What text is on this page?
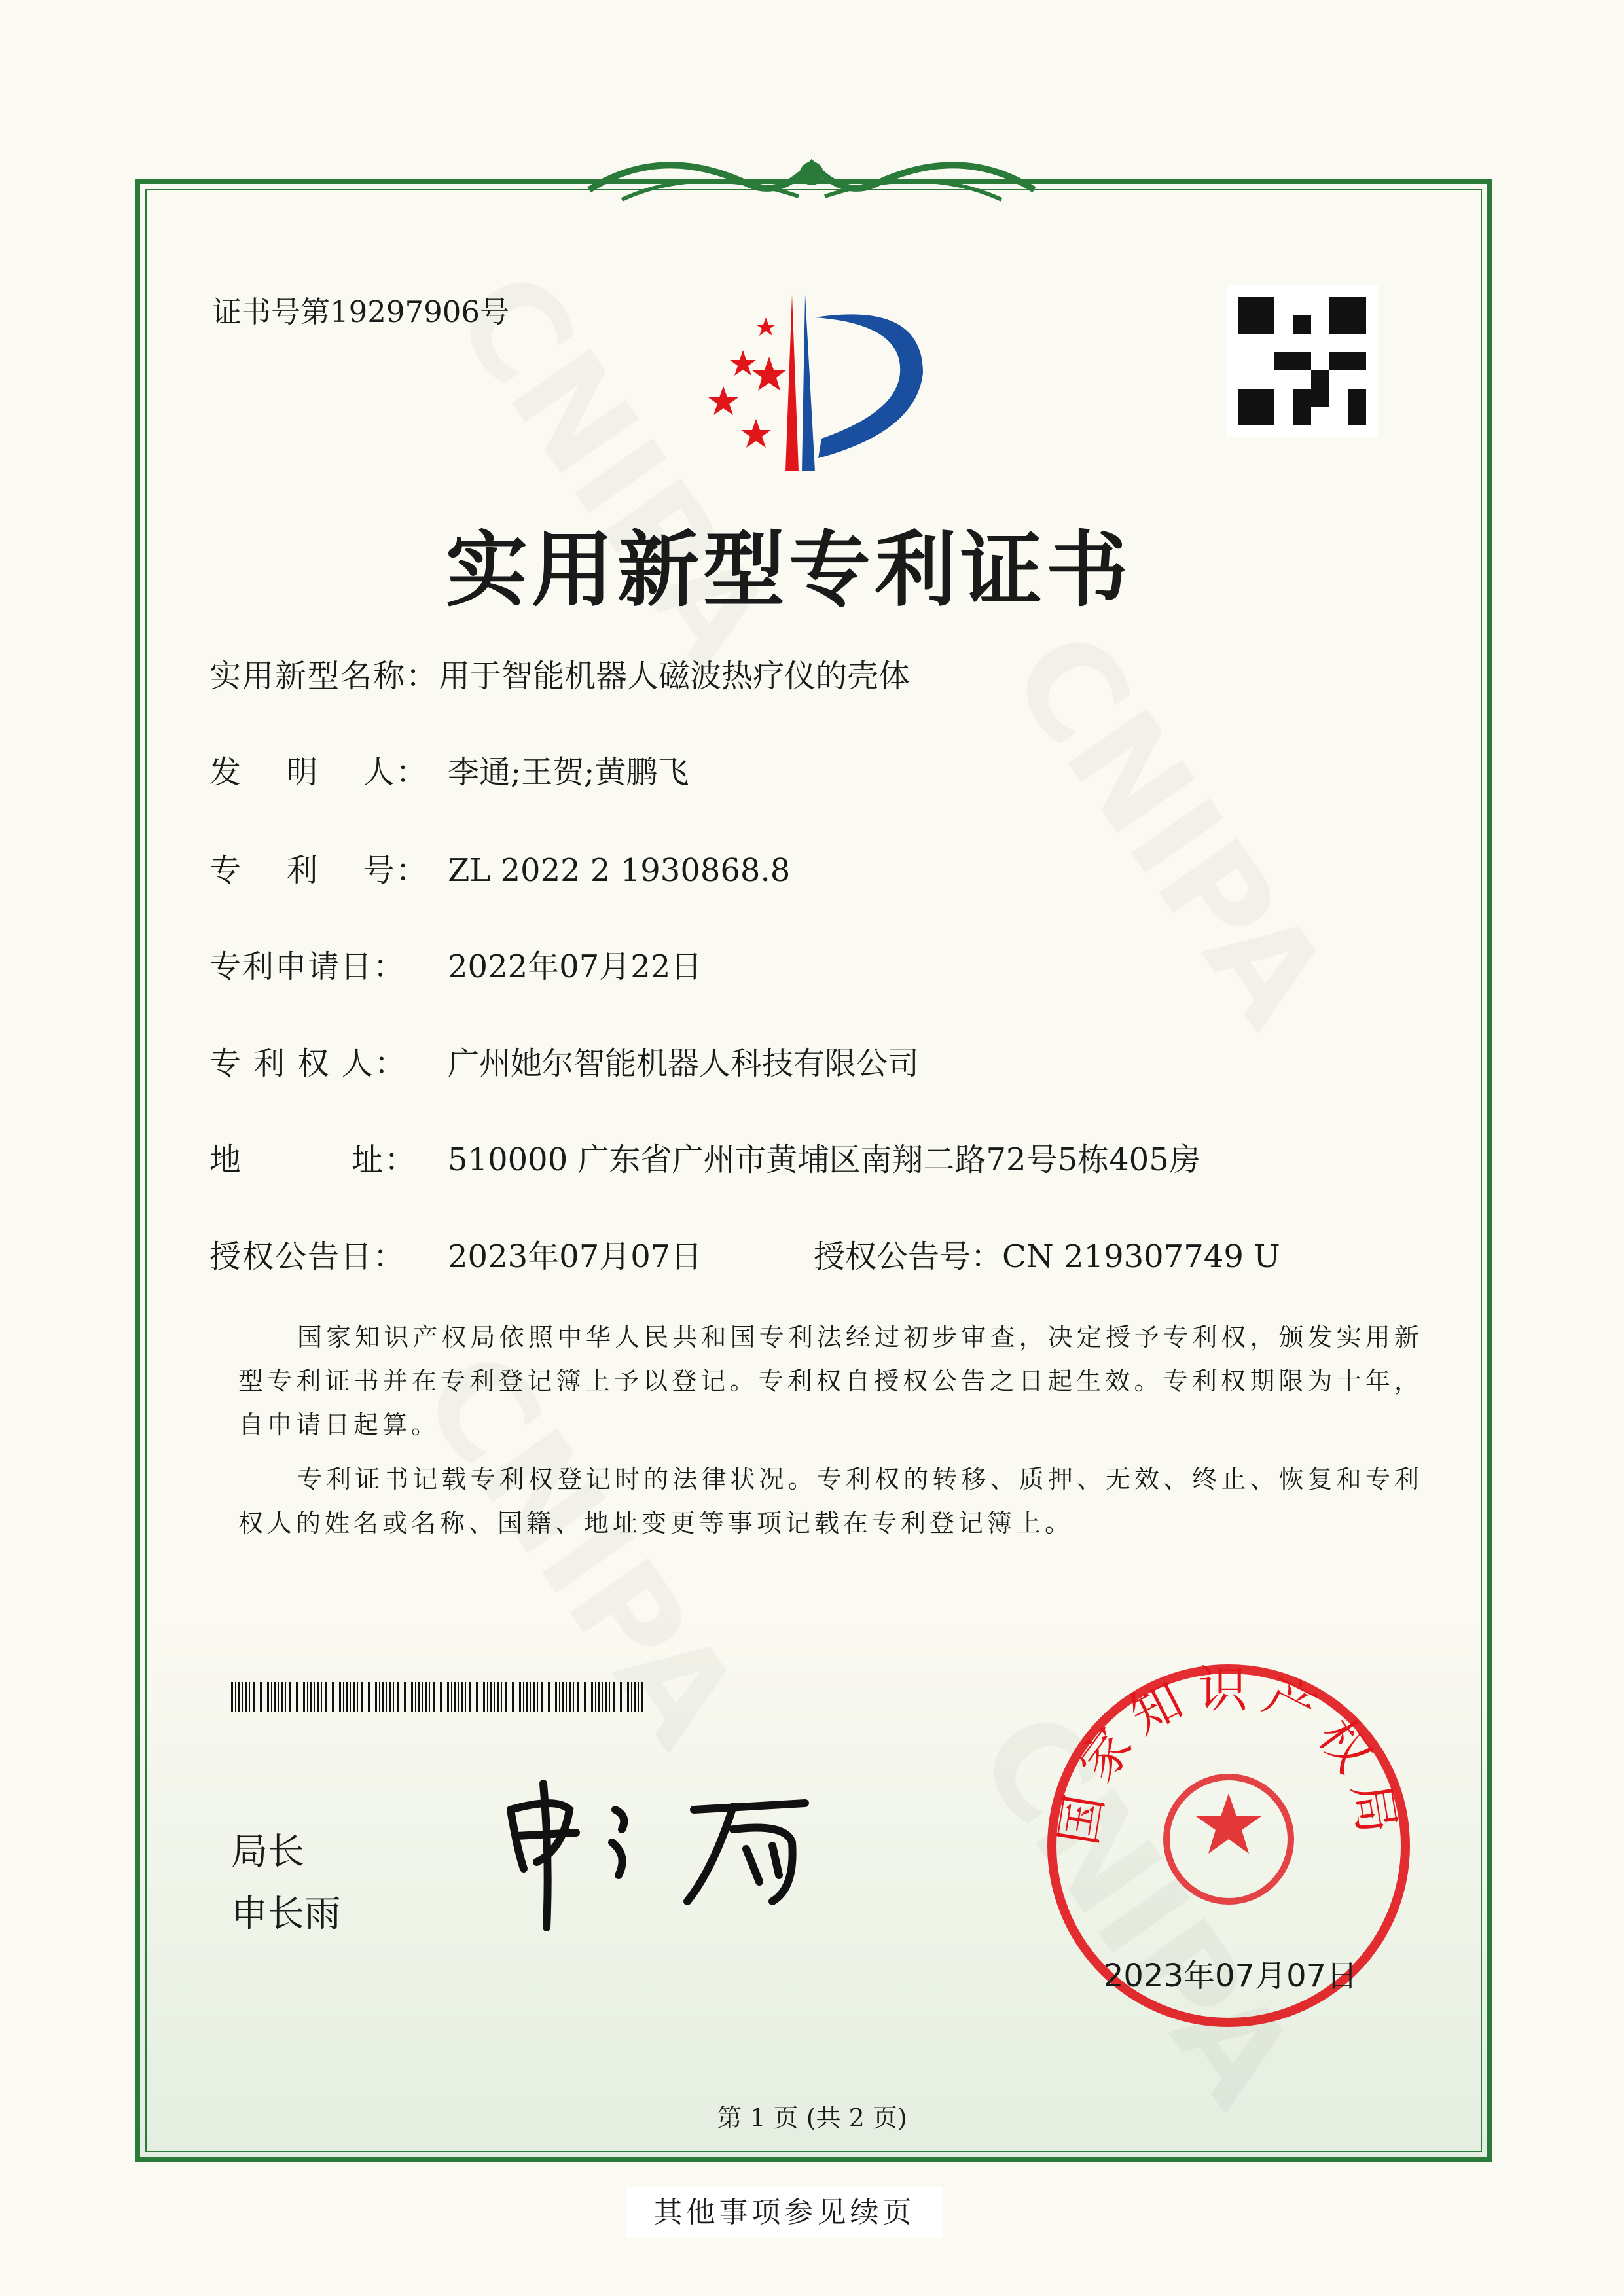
证书号第19297906号
实用新型专利证书
实用新型名称：用于智能机器人磁波热疗仪的壳体
发　 明　 人： 李通;王贺;黄鹏飞
专　 利　 号： ZL 2022 2 1930868.8
专利申请日： 2022年07月22日
专 利 权 人： 广州她尔智能机器人科技有限公司
地　　　 址： 510000 广东省广州市黄埔区南翔二路72号5栋405房
授权公告日： 2023年07月07日	授权公告号：CN 219307749 U
国家知识产权局依照中华人民共和国专利法经过初步审查，决定授予专利权，颁发实用新型专利证书并在专利登记簿上予以登记。专利权自授权公告之日起生效。专利权期限为十年，自申请日起算。
专利证书记载专利权登记时的法律状况。专利权的转移、质押、无效、终止、恢复和专利权人的姓名或名称、国籍、地址变更等事项记载在专利登记簿上。
局长
申长雨
国家知识产权局
2023年07月07日
第 1 页 (共 2 页)
其他事项参见续页
